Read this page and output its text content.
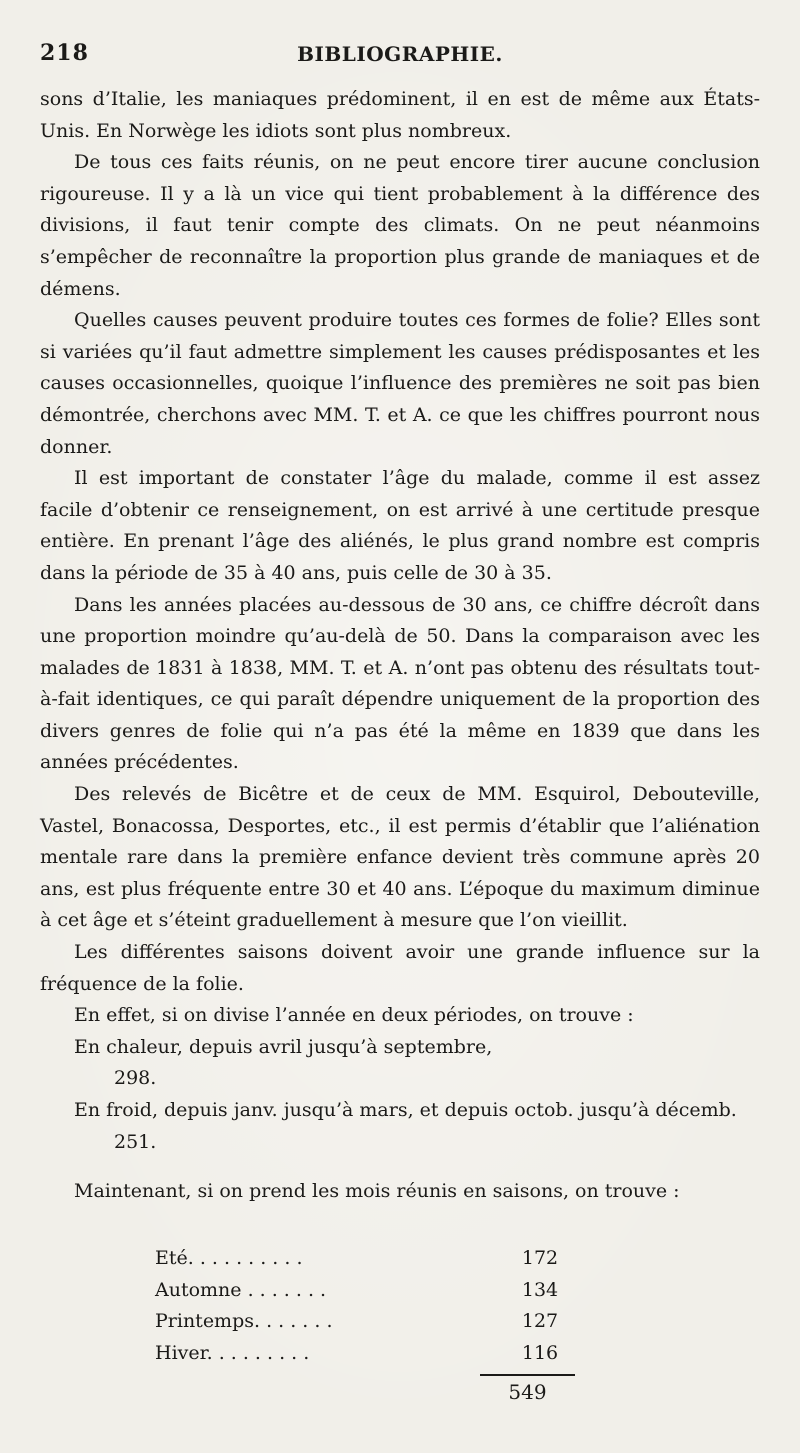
218	BIBLIOGRAPHIE.

sons d’Italie, les maniaques prédominent, il en est de même aux États-Unis. En Norwège les idiots sont plus nombreux.

De tous ces faits réunis, on ne peut encore tirer aucune conclusion rigoureuse. Il y a là un vice qui tient probablement à la différence des divisions, il faut tenir compte des climats. On ne peut néanmoins s’empêcher de reconnaître la proportion plus grande de maniaques et de démens.

Quelles causes peuvent produire toutes ces formes de folie? Elles sont si variées qu’il faut admettre simplement les causes prédisposantes et les causes occasionnelles, quoique l’influence des premières ne soit pas bien démontrée, cherchons avec MM. T. et A. ce que les chiffres pourront nous donner.

Il est important de constater l’âge du malade, comme il est assez facile d’obtenir ce renseignement, on est arrivé à une certitude presque entière. En prenant l’âge des aliénés, le plus grand nombre est compris dans la période de 35 à 40 ans, puis celle de 30 à 35.

Dans les années placées au-dessous de 30 ans, ce chiffre décroît dans une proportion moindre qu’au-delà de 50. Dans la comparaison avec les malades de 1831 à 1838, MM. T. et A. n’ont pas obtenu des résultats tout-à-fait identiques, ce qui paraît dépendre uniquement de la proportion des divers genres de folie qui n’a pas été la même en 1839 que dans les années précédentes.

Des relevés de Bicêtre et de ceux de MM. Esquirol, Debouteville, Vastel, Bonacossa, Desportes, etc., il est permis d’établir que l’aliénation mentale rare dans la première enfance devient très commune après 20 ans, est plus fréquente entre 30 et 40 ans. L’époque du maximum diminue à cet âge et s’éteint graduellement à mesure que l’on vieillit.

Les différentes saisons doivent avoir une grande influence sur la fréquence de la folie.

En effet, si on divise l’année en deux périodes, on trouve :

En chaleur, depuis avril jusqu’à septembre,
298.
En froid, depuis janv. jusqu’à mars, et depuis octob. jusqu’à décemb.
251.

Maintenant, si on prend les mois réunis en saisons, on trouve :

Eté. . . . . . . . . .	172
Automne . . . . . . .	134
Printemps. . . . . . .	127
Hiver. . . . . . . . .	116
549
